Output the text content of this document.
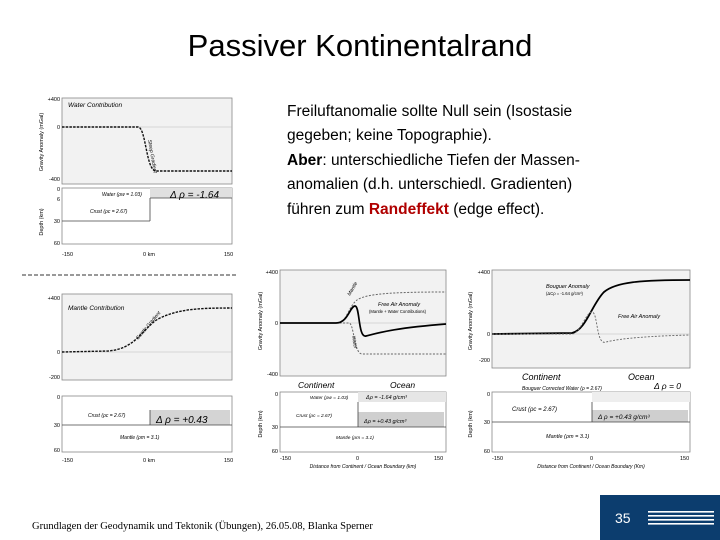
Passiver Kontinentalrand
Freiluftanomalie sollte Null sein (Isostasie
gegeben; keine Topographie).
Aber: unterschiedliche Tiefen der Massen-
anomalien (d.h. unterschiedl. Gradienten)
führen zum Randeffekt (edge effect).
Gravity Anomaly (mGal)
+400
0
-400
Water Contribution
Steep Gradient
Depth (km)
0
6
30
60
Water (ρw = 1.03)	Δ ρ = -1.64
Crust (ρc = 2.67)
-150	0 km	150
+400
0
-200
Mantle Contribution
Gentle Gradient
0
30
60
Crust (ρc = 2.67)	Δ ρ = +0.43
Mantle (ρm = 3.1)
-150	0 km	150
Gravity Anomaly (mGal)
+400
0
-400
Mantle
Water
Free Air Anomaly
(Mantle + Water Contributions)
Continent	Ocean
Depth (km)
0
30
60
Water (ρw = 1.03)	Δρ = -1.64 g/cm³
Crust (ρc = 2.67)
Δρ = +0.43 g/cm³
Mantle (ρm = 3.1)
-150	0	150
Distance from Continent / Ocean Boundary (km)
Gravity Anomaly (mGal)
+400
0
-200
Bouguer Anomaly
(ΔCρ = -1.64 g/cm³)
Free Air Anomaly
Continent	Ocean
Bouguer Corrected Water (ρ = 2.67)	Δ ρ = 0
Depth (km)
0
30
60
Crust (ρc = 2.67)
Δ ρ = +0.43 g/cm³
Mantle (ρm = 3.1)
-150	0	150
Distance from Continent / Ocean Boundary (Km)
Grundlagen der Geodynamik und Tektonik (Übungen), 26.05.08, Blanka Sperner
35
